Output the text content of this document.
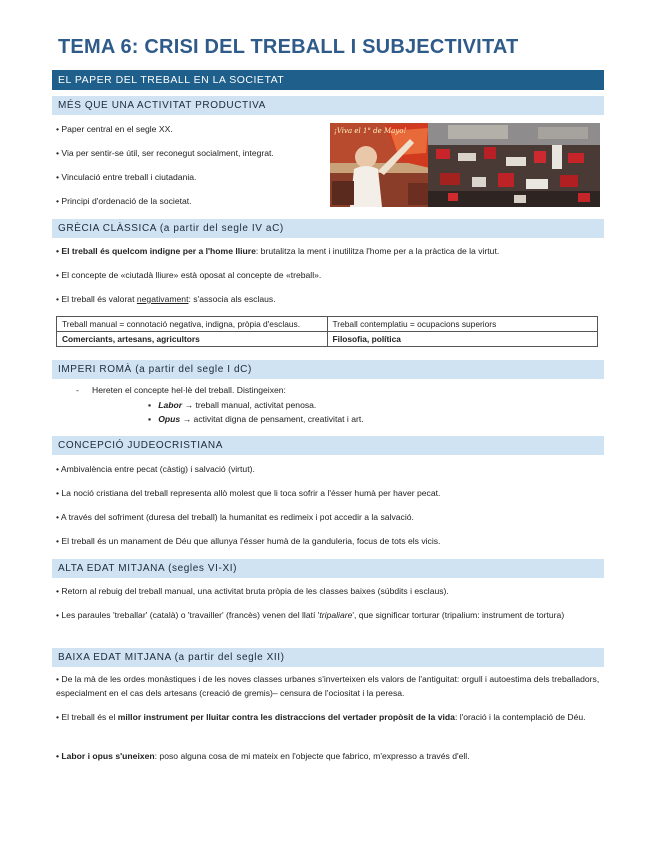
TEMA 6: CRISI DEL TREBALL I SUBJECTIVITAT
EL PAPER DEL TREBALL EN LA SOCIETAT
MÉS QUE UNA ACTIVITAT PRODUCTIVA
• Paper central en el segle XX.
• Via per sentir-se útil, ser reconegut socialment, integrat.
• Vinculació entre treball i ciutadania.
• Principi d'ordenació de la societat.
¡Viva el 1° de Mayo!
GRÈCIA CLÀSSICA (a partir del segle IV aC)
• El treball és quelcom indigne per a l'home lliure: brutalitza la ment i inutilitza l'home per a la pràctica de la virtut.
• El concepte de «ciutadà lliure» està oposat al concepte de «treball».
• El treball és valorat negativament: s'associa als esclaus.
Treball manual = connotació negativa, indigna, pròpia d'esclaus.	Treball contemplatiu = ocupacions superiors
Comerciants, artesans, agricultors	Filosofia, política
IMPERI ROMÀ (a partir del segle I dC)
- Hereten el concepte hel·lè del treball. Distingeixen:
▪ Labor → treball manual, activitat penosa.
▪ Opus → activitat digna de pensament, creativitat i art.
CONCEPCIÓ JUDEOCRISTIANA
• Ambivalència entre pecat (càstig) i salvació (virtut).
• La noció cristiana del treball representa allò molest que li toca sofrir a l'ésser humà per haver pecat.
• A través del sofriment (duresa del treball) la humanitat es redimeix i pot accedir a la salvació.
• El treball és un manament de Déu que allunya l'ésser humà de la ganduleria, focus de tots els vicis.
ALTA EDAT MITJANA (segles VI-XI)
• Retorn al rebuig del treball manual, una activitat bruta pròpia de les classes baixes (súbdits i esclaus).
• Les paraules 'treballar' (català) o 'travailler' (francès) venen del llatí 'tripaliare', que significar torturar (tripalium: instrument de tortura)
BAIXA EDAT MITJANA (a partir del segle XII)
• De la mà de les ordes monàstiques i de les noves classes urbanes s'inverteixen els valors de l'antiguitat: orgull i autoestima dels treballadors, especialment en el cas dels artesans (creació de gremis)– censura de l'ociositat i la peresa.
• El treball és el millor instrument per lluitar contra les distraccions del vertader propòsit de la vida: l'oració i la contemplació de Déu.
• Labor i opus s'uneixen: poso alguna cosa de mi mateix en l'objecte que fabrico, m'expresso a través d'ell.
